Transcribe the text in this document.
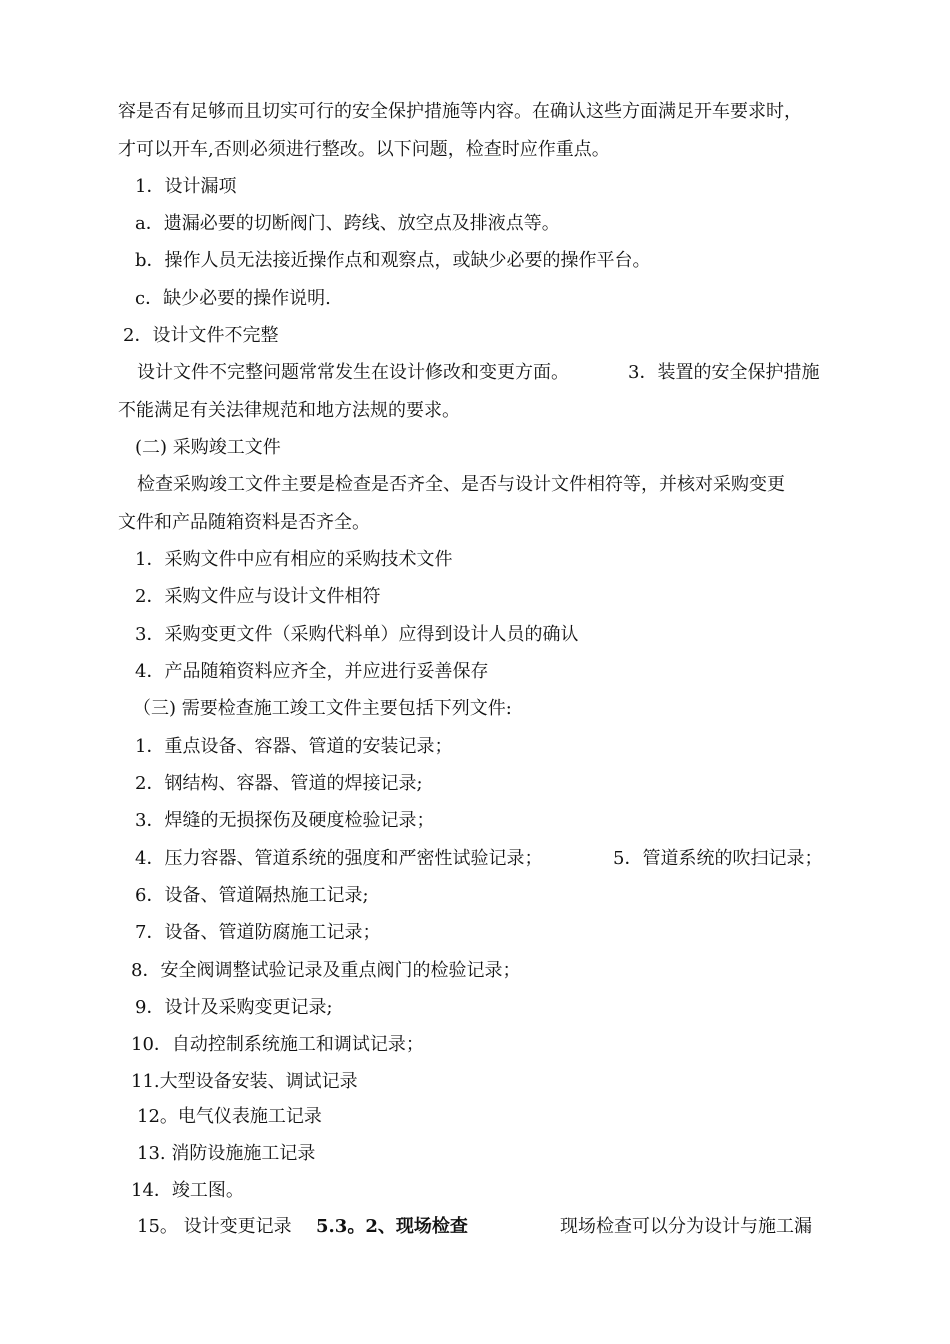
容是否有足够而且切实可行的安全保护措施等内容。在确认这些方面满足开车要求时，
才可以开车,否则必须进行整改。以下问题，检查时应作重点。
1．设计漏项
a．遗漏必要的切断阀门、跨线、放空点及排液点等。
b．操作人员无法接近操作点和观察点，或缺少必要的操作平台。
c．缺少必要的操作说明.
2．设计文件不完整
设计文件不完整问题常常发生在设计修改和变更方面。	3．装置的安全保护措施
不能满足有关法律规范和地方法规的要求。
(二) 采购竣工文件
检查采购竣工文件主要是检查是否齐全、是否与设计文件相符等，并核对采购变更
文件和产品随箱资料是否齐全。
1．采购文件中应有相应的采购技术文件
2．采购文件应与设计文件相符
3．采购变更文件（采购代料单）应得到设计人员的确认
4．产品随箱资料应齐全，并应进行妥善保存
（三) 需要检查施工竣工文件主要包括下列文件:
1．重点设备、容器、管道的安装记录；
2．钢结构、容器、管道的焊接记录;
3．焊缝的无损探伤及硬度检验记录；
4．压力容器、管道系统的强度和严密性试验记录；	5．管道系统的吹扫记录；
6．设备、管道隔热施工记录;
7．设备、管道防腐施工记录；
8．安全阀调整试验记录及重点阀门的检验记录；
9．设计及采购变更记录;
10．自动控制系统施工和调试记录；
11.大型设备安装、调试记录
12。电气仪表施工记录
13. 消防设施施工记录
14．竣工图。
15。 设计变更记录 5.3。2、现场检查	现场检查可以分为设计与施工漏
